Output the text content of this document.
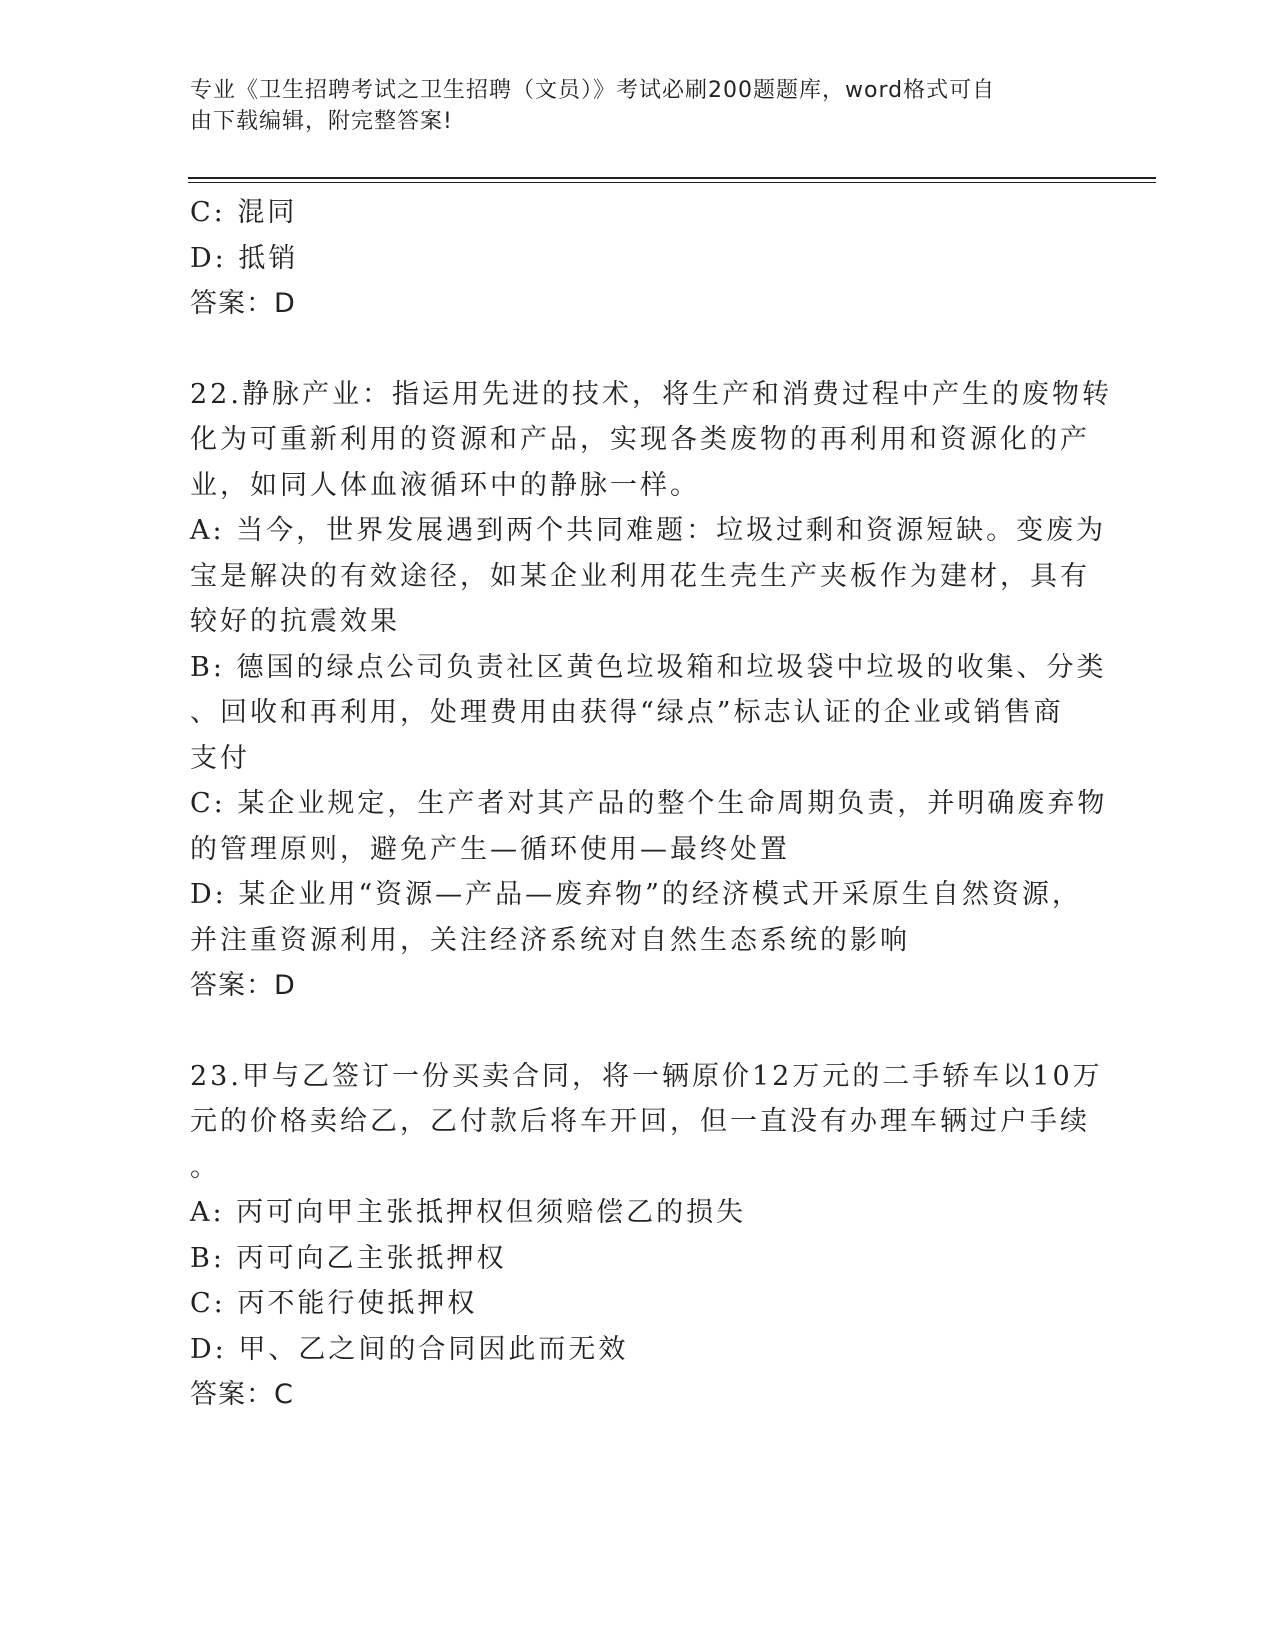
专业《卫生招聘考试之卫生招聘（文员）》考试必刷200题题库，word格式可自
由下载编辑，附完整答案!
C: 混同
D: 抵销
答案：D
22.静脉产业：指运用先进的技术，将生产和消费过程中产生的废物转
化为可重新利用的资源和产品，实现各类废物的再利用和资源化的产
业，如同人体血液循环中的静脉一样。
A: 当今，世界发展遇到两个共同难题：垃圾过剩和资源短缺。变废为
宝是解决的有效途径，如某企业利用花生壳生产夹板作为建材，具有
较好的抗震效果
B: 德国的绿点公司负责社区黄色垃圾箱和垃圾袋中垃圾的收集、分类
、回收和再利用，处理费用由获得“绿点”标志认证的企业或销售商
支付
C: 某企业规定，生产者对其产品的整个生命周期负责，并明确废弃物
的管理原则，避免产生—循环使用—最终处置
D: 某企业用“资源—产品—废弃物”的经济模式开采原生自然资源，
并注重资源利用，关注经济系统对自然生态系统的影响
答案：D
23.甲与乙签订一份买卖合同，将一辆原价12万元的二手轿车以10万
元的价格卖给乙，乙付款后将车开回，但一直没有办理车辆过户手续
。
A: 丙可向甲主张抵押权但须赔偿乙的损失
B: 丙可向乙主张抵押权
C: 丙不能行使抵押权
D: 甲、乙之间的合同因此而无效
答案：C
